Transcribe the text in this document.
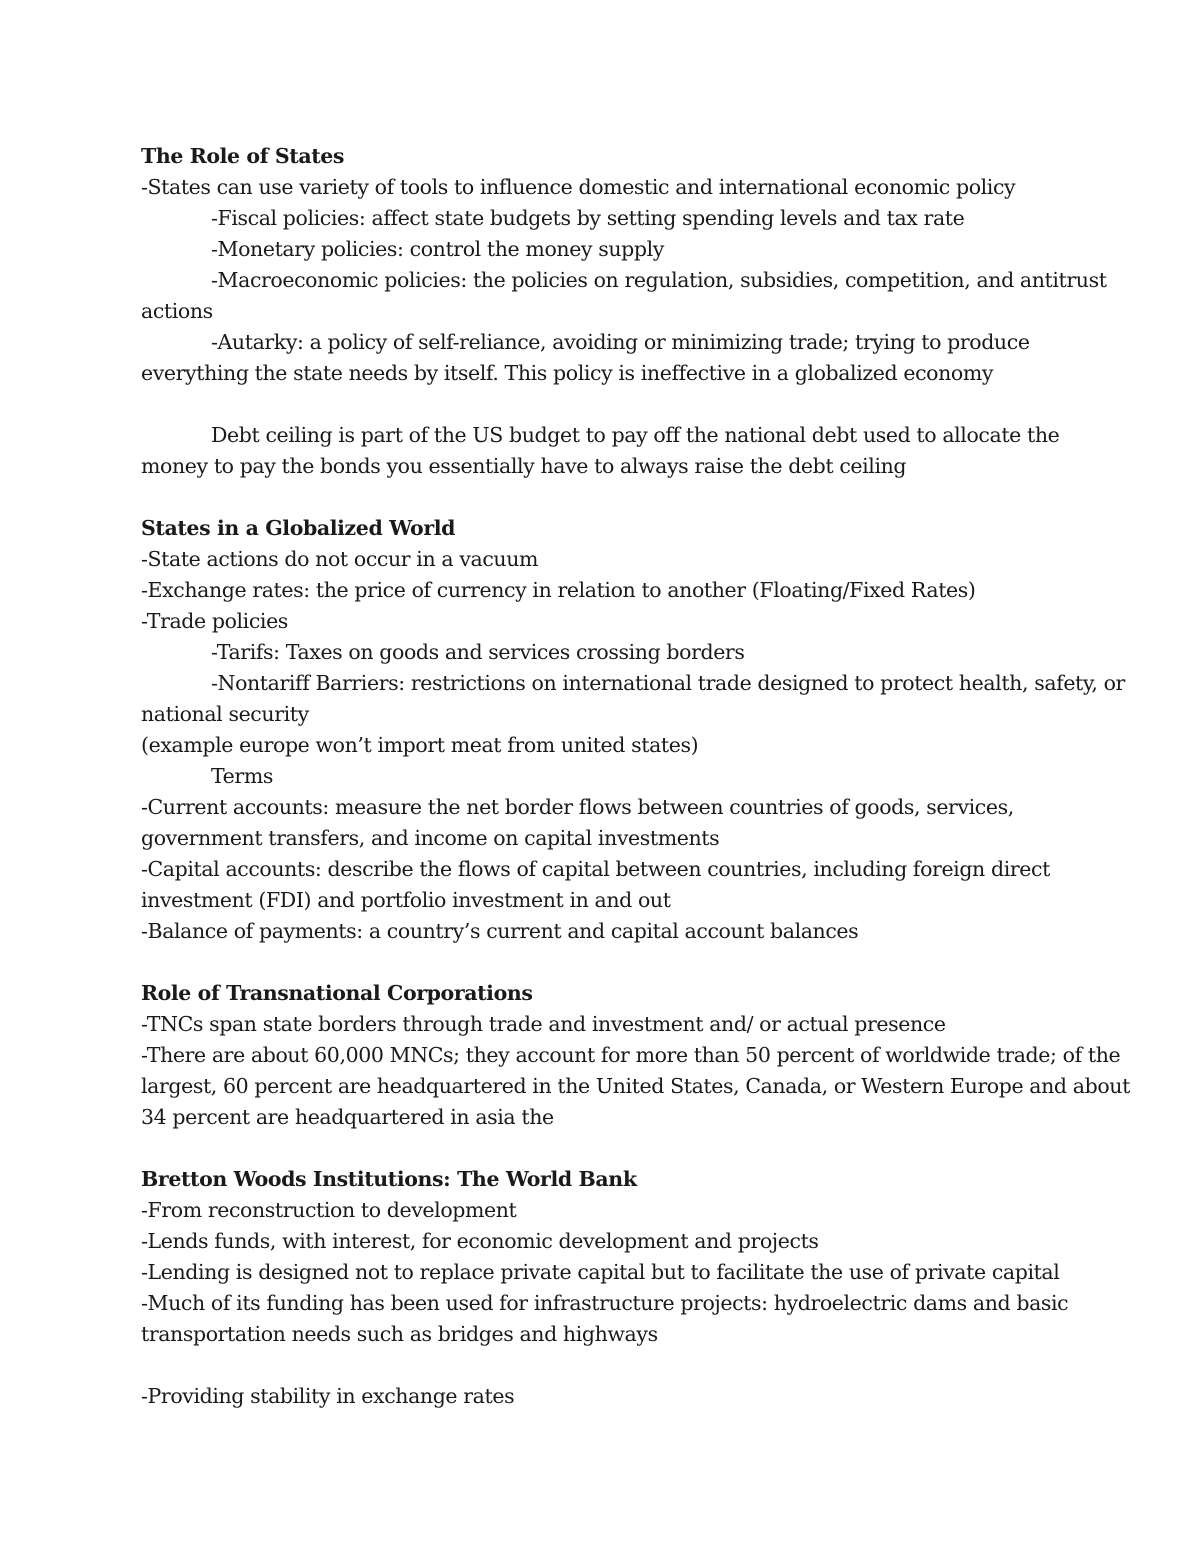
The Role of States
-States can use variety of tools to influence domestic and international economic policy
-Fiscal policies: affect state budgets by setting spending levels and tax rate
-Monetary policies: control the money supply
-Macroeconomic policies: the policies on regulation, subsidies, competition, and antitrust
actions
-Autarky: a policy of self-reliance, avoiding or minimizing trade; trying to produce
everything the state needs by itself. This policy is ineffective in a globalized economy
Debt ceiling is part of the US budget to pay off the national debt used to allocate the
money to pay the bonds you essentially have to always raise the debt ceiling
States in a Globalized World
-State actions do not occur in a vacuum
-Exchange rates: the price of currency in relation to another (Floating/Fixed Rates)
-Trade policies
-Tarifs: Taxes on goods and services crossing borders
-Nontariff Barriers: restrictions on international trade designed to protect health, safety, or
national security
(example europe won’t import meat from united states)
Terms
-Current accounts: measure the net border flows between countries of goods, services,
government transfers, and income on capital investments
-Capital accounts: describe the flows of capital between countries, including foreign direct
investment (FDI) and portfolio investment in and out
-Balance of payments: a country’s current and capital account balances
Role of Transnational Corporations
-TNCs span state borders through trade and investment and/ or actual presence
-There are about 60,000 MNCs; they account for more than 50 percent of worldwide trade; of the
largest, 60 percent are headquartered in the United States, Canada, or Western Europe and about
34 percent are headquartered in asia the
Bretton Woods Institutions: The World Bank
-From reconstruction to development
-Lends funds, with interest, for economic development and projects
-Lending is designed not to replace private capital but to facilitate the use of private capital
-Much of its funding has been used for infrastructure projects: hydroelectric dams and basic
transportation needs such as bridges and highways
-Providing stability in exchange rates
